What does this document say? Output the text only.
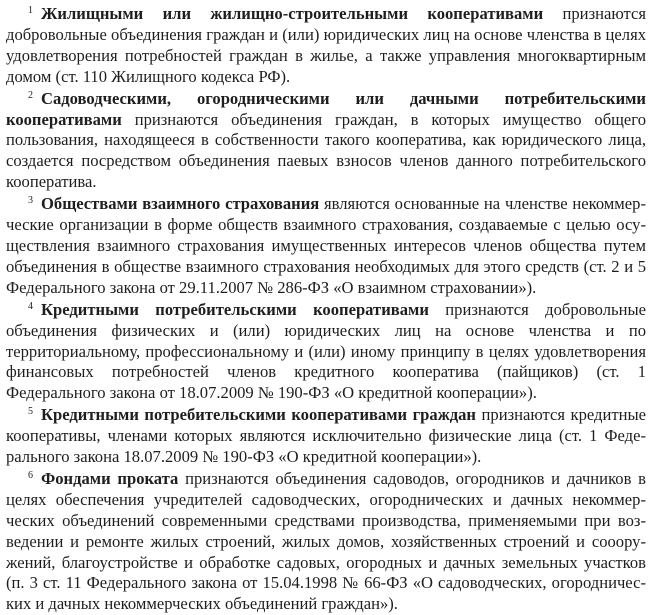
$^1$ Жилищными или жилищно-строительными кооперативами признаются добровольные объединения граждан и (или) юридических лиц на основе членства в целях удовлетворения потребностей граждан в жилье, а также управления многоквартирным домом (ст. 110 Жилищного кодекса РФ).

$^2$ Садоводческими, огородническими или дачными потребительскими кооперативами признаются объединения граждан, в которых имущество общего пользования, находящееся в собственности такого кооператива, как юридического лица, создается посредством объединения паевых взносов членов данного потребительского кооператива.

$^3$ Обществами взаимного страхования являются основанные на членстве некоммерческие организации в форме обществ взаимного страхования, создаваемые с целью осуществления взаимного страхования имущественных интересов членов общества путем объединения в обществе взаимного страхования необходимых для этого средств (ст. 2 и 5 Федерального закона от 29.11.2007 № 286-ФЗ «О взаимном страховании»).

$^4$ Кредитными потребительскими кооперативами признаются добровольные объединения физических и (или) юридических лиц на основе членства и по территориальному, профессиональному и (или) иному принципу в целях удовлетворения финансовых потребностей членов кредитного кооператива (пайщиков) (ст. 1 Федерального закона от 18.07.2009 № 190-ФЗ «О кредитной кооперации»).

$^5$ Кредитными потребительскими кооперативами граждан признаются кредитные кооперативы, членами которых являются исключительно физические лица (ст. 1 Федерального закона 18.07.2009 № 190-ФЗ «О кредитной кооперации»).

$^6$ Фондами проката признаются объединения садоводов, огородников и дачников в целях обеспечения учредителей садоводческих, огороднических и дачных некоммерческих объединений современными средствами производства, применяемыми при возведении и ремонте жилых строений, жилых домов, хозяйственных строений и соооружений, благоустройстве и обработке садовых, огородных и дачных земельных участков (п. 3 ст. 11 Федерального закона от 15.04.1998 № 66-ФЗ «О садоводческих, огороднических и дачных некоммерческих объединений граждан»).
